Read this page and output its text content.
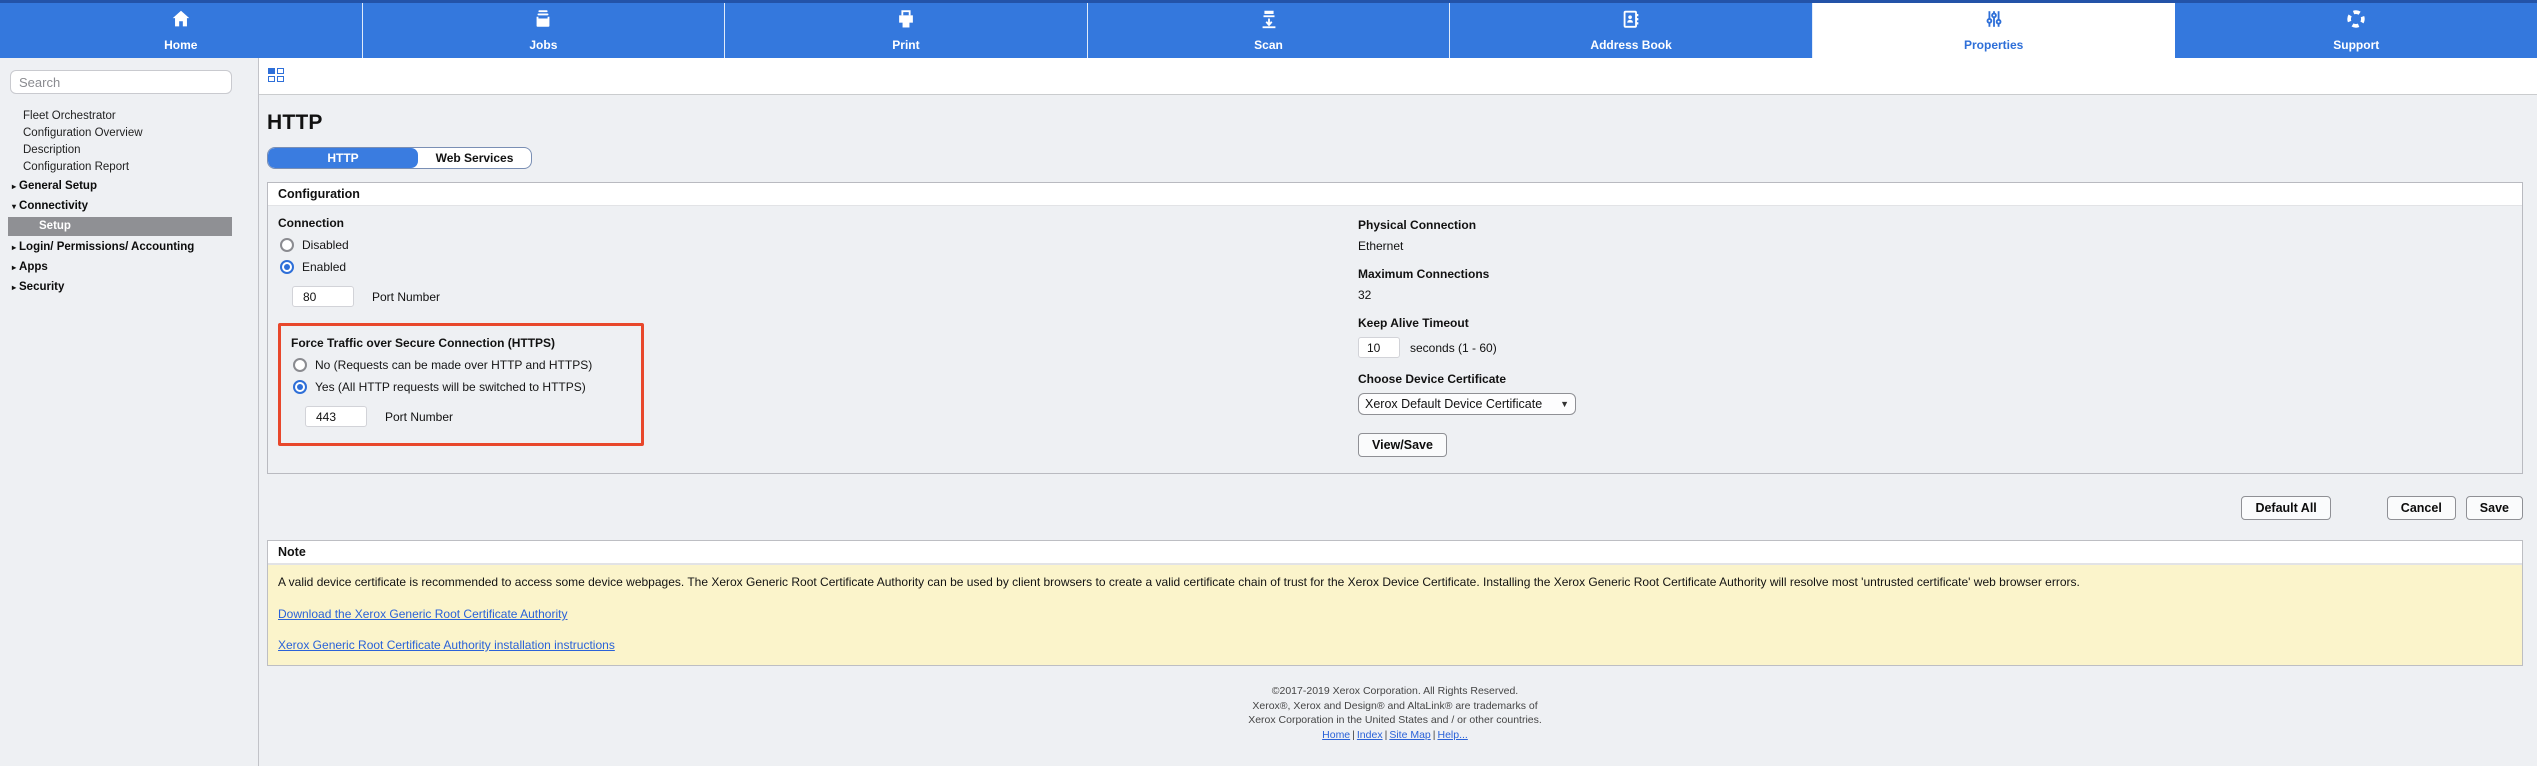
Home	Jobs	Print	Scan	Address Book	Properties	Support
Search
Fleet Orchestrator
Configuration Overview
Description
Configuration Report
▸ General Setup
▾ Connectivity
Setup
▸ Login/ Permissions/ Accounting
▸ Apps
▸ Security
HTTP
HTTP	Web Services
Configuration
Connection
Disabled
Enabled
80
Port Number
Force Traffic over Secure Connection (HTTPS)
No (Requests can be made over HTTP and HTTPS)
Yes (All HTTP requests will be switched to HTTPS)
443
Port Number
Physical Connection
Ethernet
Maximum Connections
32
Keep Alive Timeout
10
seconds (1 - 60)
Choose Device Certificate
Xerox Default Device Certificate ▼
View/Save
Default All	Cancel	Save
Note
A valid device certificate is recommended to access some device webpages. The Xerox Generic Root Certificate Authority can be used by client browsers to create a valid certificate chain of trust for the Xerox Device Certificate. Installing the Xerox Generic Root Certificate Authority will resolve most 'untrusted certificate' web browser errors.
Download the Xerox Generic Root Certificate Authority
Xerox Generic Root Certificate Authority installation instructions
©2017-2019 Xerox Corporation. All Rights Reserved.
Xerox®, Xerox and Design® and AltaLink® are trademarks of
Xerox Corporation in the United States and / or other countries.
Home | Index | Site Map | Help...
